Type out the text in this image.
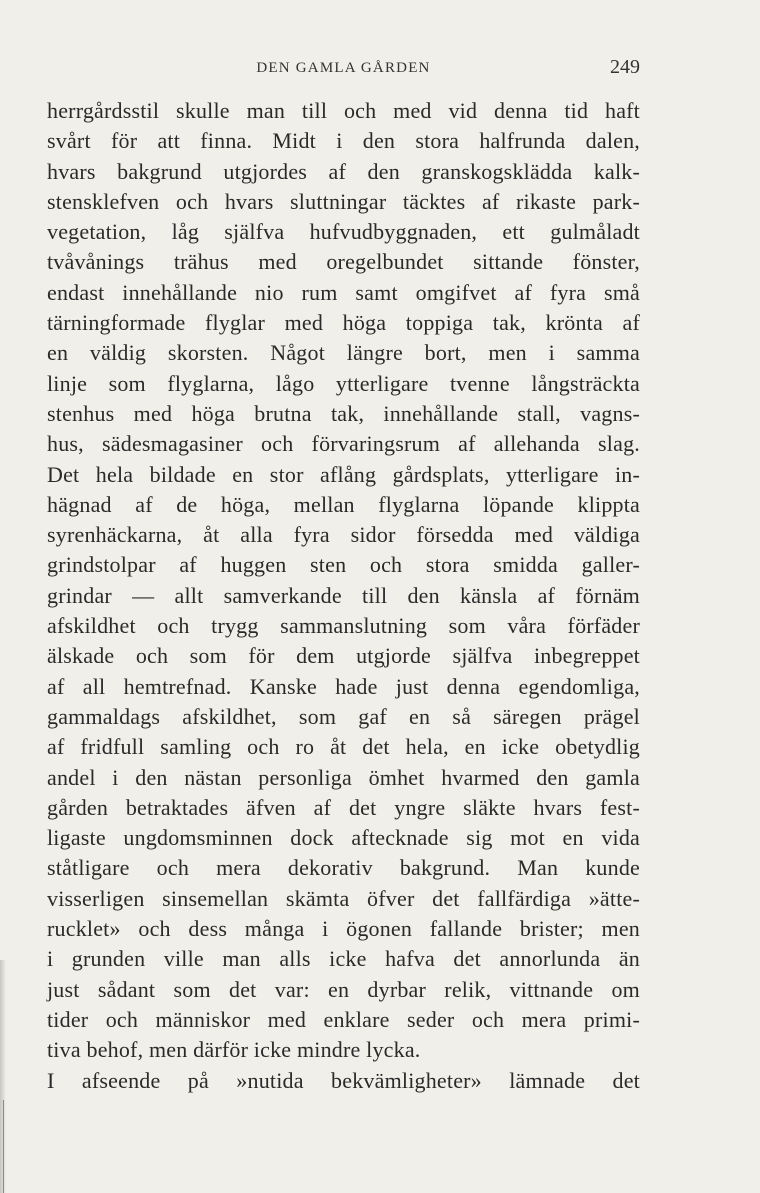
DEN GAMLA GÅRDEN	249
herrgårdsstil skulle man till och med vid denna tid haft
svårt för att finna. Midt i den stora halfrunda dalen,
hvars bakgrund utgjordes af den granskogsklädda kalk-
stensklefven och hvars sluttningar täcktes af rikaste park-
vegetation, låg själfva hufvudbyggnaden, ett gulmåladt
tvåvånings trähus med oregelbundet sittande fönster,
endast innehållande nio rum samt omgifvet af fyra små
tärningformade flyglar med höga toppiga tak, krönta af
en väldig skorsten. Något längre bort, men i samma
linje som flyglarna, lågo ytterligare tvenne långsträckta
stenhus med höga brutna tak, innehållande stall, vagns-
hus, sädesmagasiner och förvaringsrum af allehanda slag.
Det hela bildade en stor aflång gårdsplats, ytterligare in-
hägnad af de höga, mellan flyglarna löpande klippta
syrenhäckarna, åt alla fyra sidor försedda med väldiga
grindstolpar af huggen sten och stora smidda galler-
grindar — allt samverkande till den känsla af förnäm
afskildhet och trygg sammanslutning som våra förfäder
älskade och som för dem utgjorde själfva inbegreppet
af all hemtrefnad. Kanske hade just denna egendomliga,
gammaldags afskildhet, som gaf en så säregen prägel
af fridfull samling och ro åt det hela, en icke obetydlig
andel i den nästan personliga ömhet hvarmed den gamla
gården betraktades äfven af det yngre släkte hvars fest-
ligaste ungdomsminnen dock aftecknade sig mot en vida
ståtligare och mera dekorativ bakgrund. Man kunde
visserligen sinsemellan skämta öfver det fallfärdiga »ätte-
rucklet» och dess många i ögonen fallande brister; men
i grunden ville man alls icke hafva det annorlunda än
just sådant som det var: en dyrbar relik, vittnande om
tider och människor med enklare seder och mera primi-
tiva behof, men därför icke mindre lycka.
I afseende på »nutida bekvämligheter» lämnade det
